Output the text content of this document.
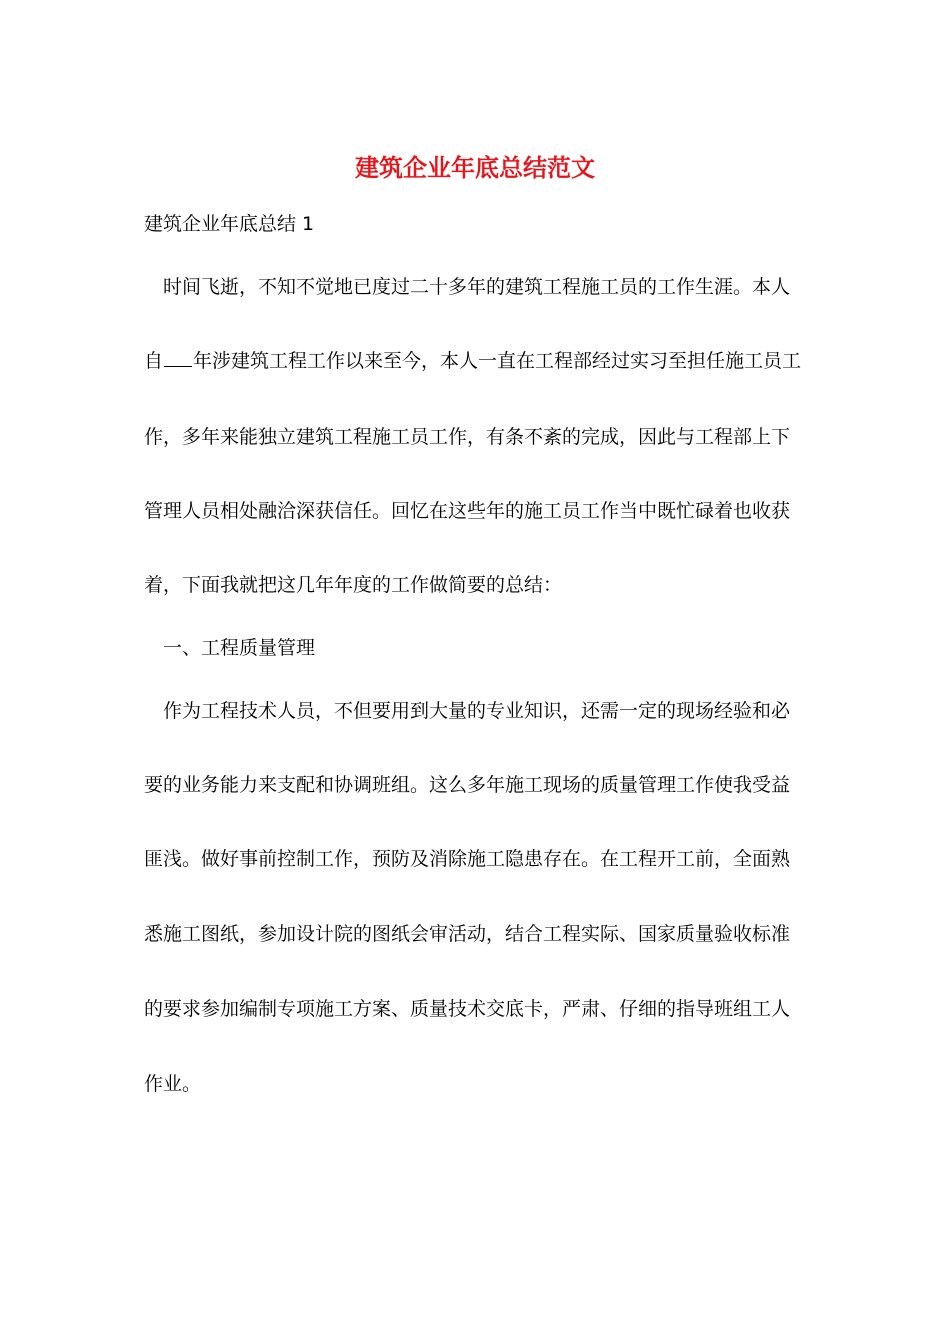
建筑企业年底总结范文
建筑企业年底总结 1
时间飞逝，不知不觉地已度过二十多年的建筑工程施工员的工作生涯。本人
自 年涉建筑工程工作以来至今，本人一直在工程部经过实习至担任施工员工
作，多年来能独立建筑工程施工员工作，有条不紊的完成，因此与工程部上下
管理人员相处融洽深获信任。回忆在这些年的施工员工作当中既忙碌着也收获
着，下面我就把这几年年度的工作做简要的总结：
一、工程质量管理
作为工程技术人员，不但要用到大量的专业知识，还需一定的现场经验和必
要的业务能力来支配和协调班组。这么多年施工现场的质量管理工作使我受益
匪浅。做好事前控制工作，预防及消除施工隐患存在。在工程开工前，全面熟
悉施工图纸，参加设计院的图纸会审活动，结合工程实际、国家质量验收标准
的要求参加编制专项施工方案、质量技术交底卡，严肃、仔细的指导班组工人
作业。
